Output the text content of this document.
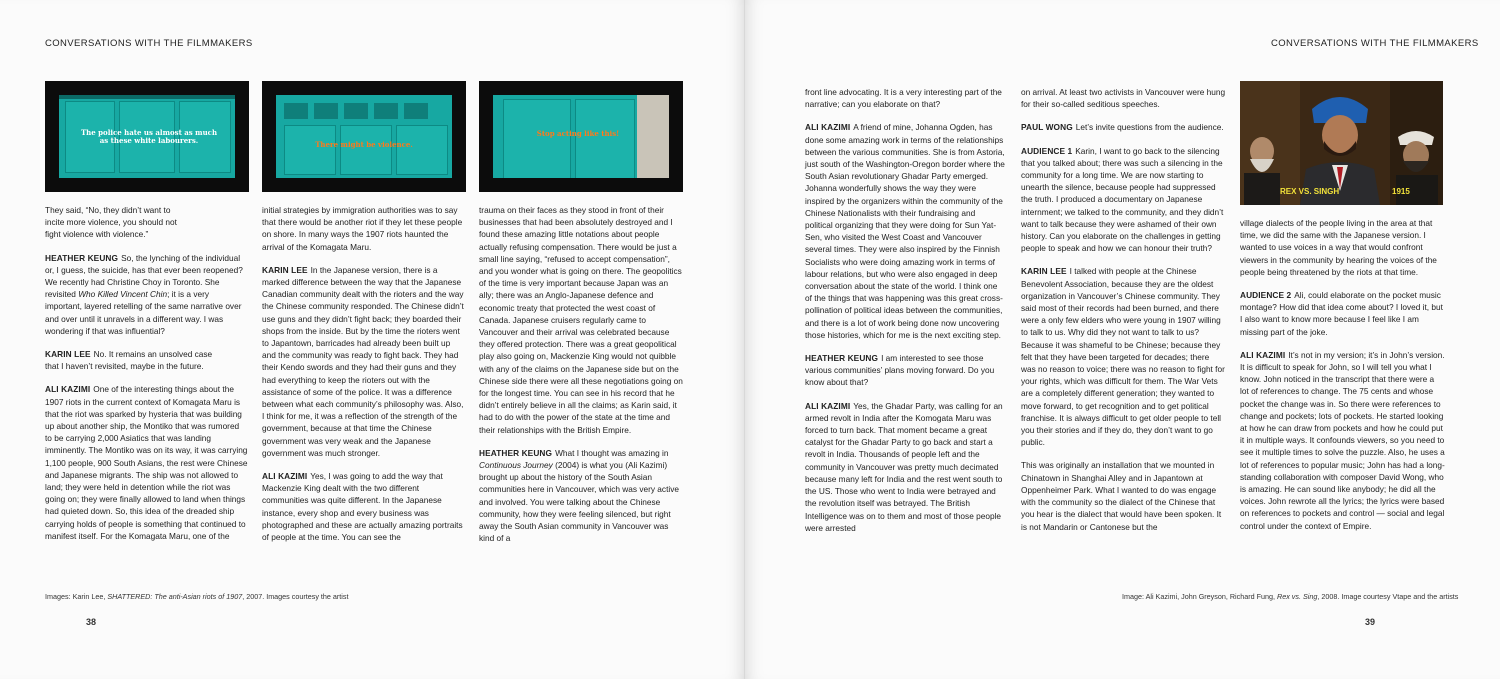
CONVERSATIONS WITH THE FILMMAKERS
The police hate us almost as much as these white labourers.	There might be violence.
Stop acting like this!

They said, “No, they didn’t want to
incite more violence, you should not
fight violence with violence.”

HEATHER KEUNG So, the lynching of the individual or, I guess, the suicide, has that ever been reopened? We recently had Christine Choy in Toronto. She revisited Who Killed Vincent Chin; it is a very important, layered retelling of the same narrative over and over until it unravels in a different way. I was wondering if that was influential?

KARIN LEE No. It remains an unsolved case
that I haven’t revisited, maybe in the future.

ALI KAZIMI One of the interesting things about the 1907 riots in the current context of Komagata Maru is that the riot was sparked by hysteria that was building up about another ship, the Montiko that was rumored to be carrying 2,000 Asiatics that was landing imminently. The Montiko was on its way, it was carrying 1,100 people, 900 South Asians, the rest were Chinese and Japanese migrants. The ship was not allowed to land; they were held in detention while the riot was going on; they were finally allowed to land when things had quieted down. So, this idea of the dreaded ship carrying holds of people is something that continued to manifest itself. For the Komagata Maru, one of the

initial strategies by immigration authorities was to say that there would be another riot if they let these people on shore. In many ways the 1907 riots haunted the arrival of the Komagata Maru.

KARIN LEE In the Japanese version, there is a marked difference between the way that the Japanese Canadian community dealt with the rioters and the way the Chinese community responded. The Chinese didn’t use guns and they didn’t fight back; they boarded their shops from the inside. But by the time the rioters went to Japantown, barricades had already been built up and the community was ready to fight back. They had their Kendo swords and they had their guns and they had everything to keep the rioters out with the assistance of some of the police. It was a difference between what each community’s philosophy was. Also, I think for me, it was a reflection of the strength of the government, because at that time the Chinese government was very weak and the Japanese government was much stronger.

ALI KAZIMI Yes, I was going to add the way that Mackenzie King dealt with the two different communities was quite different. In the Japanese instance, every shop and every business was photographed and these are actually amazing portraits of people at the time. You can see the

trauma on their faces as they stood in front of their businesses that had been absolutely destroyed and I found these amazing little notations about people actually refusing compensation. There would be just a small line saying, “refused to accept compensation”, and you wonder what is going on there. The geopolitics of the time is very important because Japan was an ally; there was an Anglo-Japanese defence and economic treaty that protected the west coast of Canada. Japanese cruisers regularly came to Vancouver and their arrival was celebrated because they offered protection. There was a great geopolitical play also going on, Mackenzie King would not quibble with any of the claims on the Japanese side but on the Chinese side there were all these negotiations going on for the longest time. You can see in his record that he didn’t entirely believe in all the claims; as Karin said, it had to do with the power of the state at the time and their relationships with the British Empire.

HEATHER KEUNG What I thought was amazing in Continuous Journey (2004) is what you (Ali Kazimi) brought up about the history of the South Asian communities here in Vancouver, which was very active and involved. You were talking about the Chinese community, how they were feeling silenced, but right away the South Asian community in Vancouver was kind of a

Images: Karin Lee, SHATTERED: The anti-Asian riots of 1907, 2007. Images courtesy the artist
38
CONVERSATIONS WITH THE FILMMAKERS
Image: Ali Kazimi, John Greyson, Richard Fung, Rex vs. Sing, 2008. Image courtesy Vtape and the artists
39
REX VS. SINGH	1915

front line advocating. It is a very interesting part of the narrative; can you elaborate on that?

ALI KAZIMI A friend of mine, Johanna Ogden, has done some amazing work in terms of the relationships between the various communities. She is from Astoria, just south of the Washington-Oregon border where the South Asian revolutionary Ghadar Party emerged. Johanna wonderfully shows the way they were inspired by the organizers within the community of the Chinese Nationalists with their fundraising and political organizing that they were doing for Sun Yat-Sen, who visited the West Coast and Vancouver several times. They were also inspired by the Finnish Socialists who were doing amazing work in terms of labour relations, but who were also engaged in deep conversation about the state of the world. I think one of the things that was happening was this great cross-pollination of political ideas between the communities, and there is a lot of work being done now uncovering those histories, which for me is the next exciting step.

HEATHER KEUNG I am interested to see those various communities’ plans moving forward. Do you know about that?

ALI KAZIMI Yes, the Ghadar Party, was calling for an armed revolt in India after the Komogata Maru was forced to turn back. That moment became a great catalyst for the Ghadar Party to go back and start a revolt in India. Thousands of people left and the community in Vancouver was pretty much decimated because many left for India and the rest went south to the US. Those who went to India were betrayed and the revolution itself was betrayed. The British Intelligence was on to them and most of those people were arrested

on arrival. At least two activists in Vancouver were hung for their so-called seditious speeches.

PAUL WONG Let’s invite questions from the audience.

AUDIENCE 1 Karin, I want to go back to the silencing that you talked about; there was such a silencing in the community for a long time. We are now starting to unearth the silence, because people had suppressed the truth. I produced a documentary on Japanese internment; we talked to the community, and they didn’t want to talk because they were ashamed of their own history. Can you elaborate on the challenges in getting people to speak and how we can honour their truth?

KARIN LEE I talked with people at the Chinese Benevolent Association, because they are the oldest organization in Vancouver’s Chinese community. They said most of their records had been burned, and there were a only few elders who were young in 1907 willing to talk to us. Why did they not want to talk to us? Because it was shameful to be Chinese; because they felt that they have been targeted for decades; there was no reason to voice; there was no reason to fight for your rights, which was difficult for them. The War Vets are a completely different generation; they wanted to move forward, to get recognition and to get political franchise. It is always difficult to get older people to tell you their stories and if they do, they don’t want to go public.

This was originally an installation that we mounted in Chinatown in Shanghai Alley and in Japantown at Oppenheimer Park. What I wanted to do was engage with the community so the dialect of the Chinese that you hear is the dialect that would have been spoken. It is not Mandarin or Cantonese but the

village dialects of the people living in the area at that time, we did the same with the Japanese version. I wanted to use voices in a way that would confront viewers in the community by hearing the voices of the people being threatened by the riots at that time.

AUDIENCE 2 Ali, could elaborate on the pocket music montage? How did that idea come about? I loved it, but I also want to know more because I feel like I am missing part of the joke.

ALI KAZIMI It’s not in my version; it’s in John’s version. It is difficult to speak for John, so I will tell you what I know. John noticed in the transcript that there were a lot of references to change. The 75 cents and whose pocket the change was in. So there were references to change and pockets; lots of pockets. He started looking at how he can draw from pockets and how he could put it in multiple ways. It confounds viewers, so you need to see it multiple times to solve the puzzle. Also, he uses a lot of references to popular music; John has had a long-standing collaboration with composer David Wong, who is amazing. He can sound like anybody; he did all the voices. John rewrote all the lyrics; the lyrics were based on references to pockets and control — social and legal control under the context of Empire.
